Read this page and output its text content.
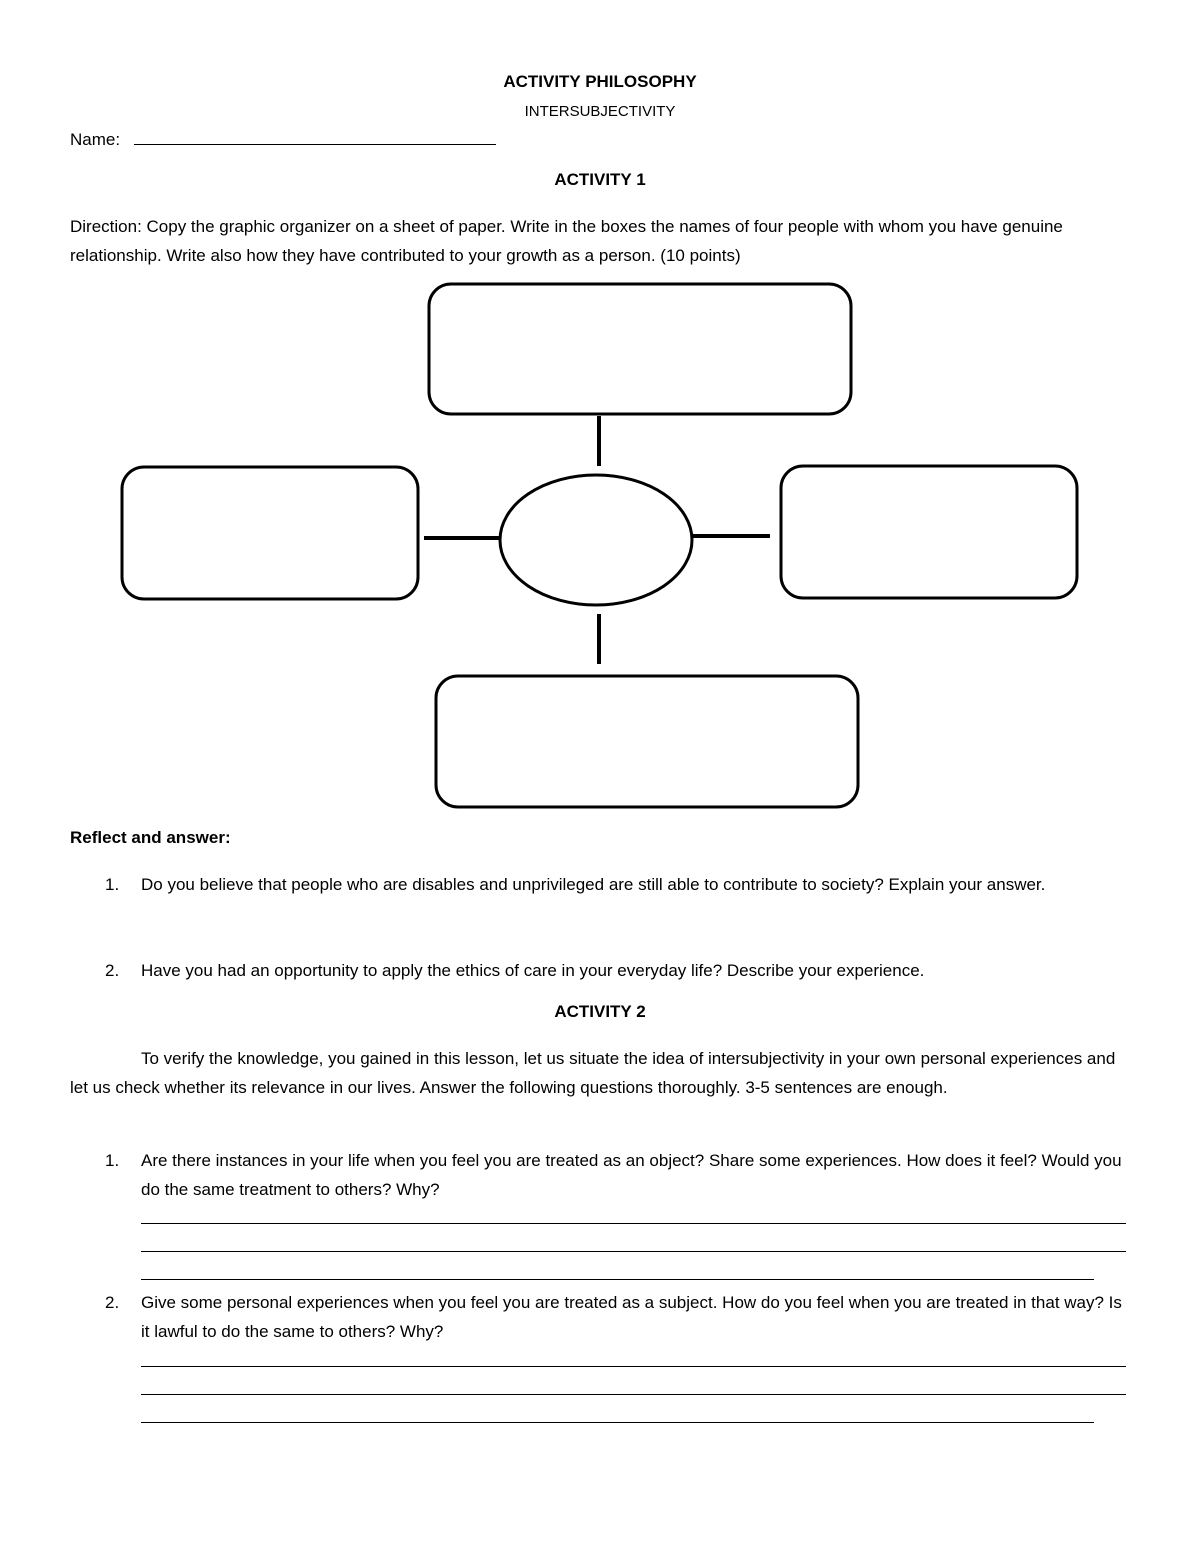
ACTIVITY PHILOSOPHY
INTERSUBJECTIVITY
Name:
ACTIVITY 1
Direction: Copy the graphic organizer on a sheet of paper. Write in the boxes the names of four people with whom you have genuine relationship. Write also how they have contributed to your growth as a person. (10 points)
Reflect and answer:
1. Do you believe that people who are disables and unprivileged are still able to contribute to society? Explain your answer.
2. Have you had an opportunity to apply the ethics of care in your everyday life? Describe your experience.
ACTIVITY 2
To verify the knowledge, you gained in this lesson, let us situate the idea of intersubjectivity in your own personal experiences and let us check whether its relevance in our lives. Answer the following questions thoroughly. 3-5 sentences are enough.
1. Are there instances in your life when you feel you are treated as an object? Share some experiences. How does it feel? Would you do the same treatment to others? Why?
2. Give some personal experiences when you feel you are treated as a subject. How do you feel when you are treated in that way? Is it lawful to do the same to others? Why?
